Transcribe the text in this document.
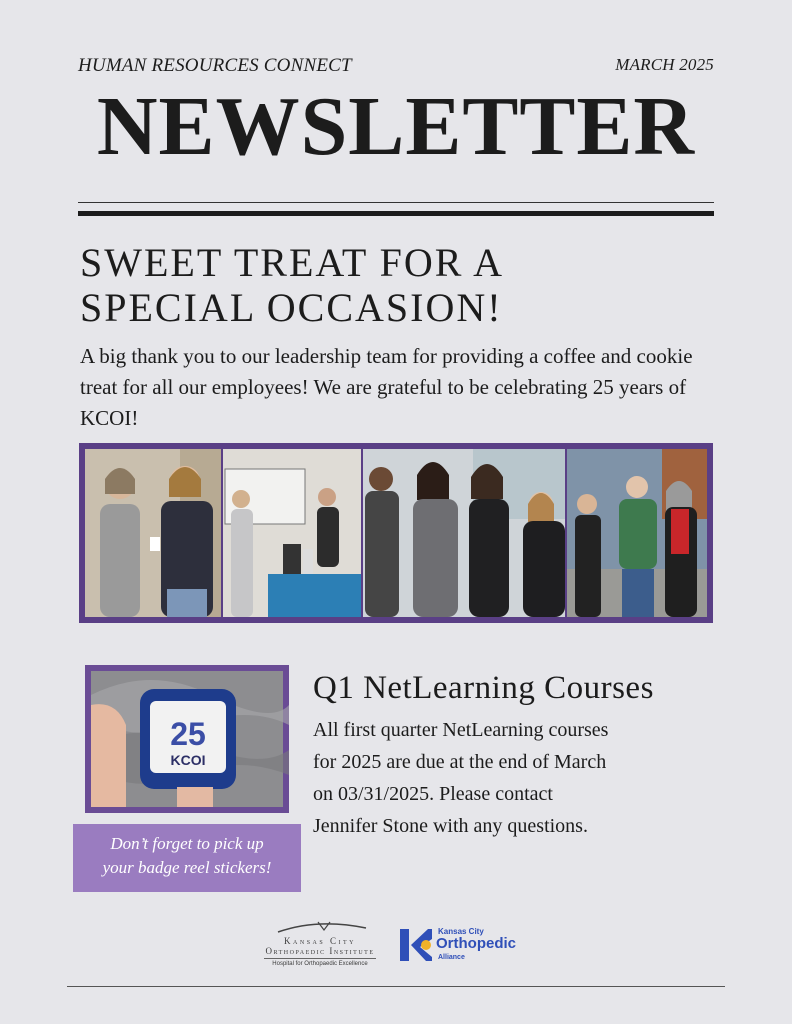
HUMAN RESOURCES CONNECT	MARCH 2025
NEWSLETTER
SWEET TREAT FOR A
SPECIAL OCCASION!
A big thank you to our leadership team for providing a coffee and cookie treat for all our employees! We are grateful to be celebrating 25 years of KCOI!
25
KCOI
Don’t forget to pick up
your badge reel stickers!
Q1 NetLearning Courses
All first quarter NetLearning courses
for 2025 are due at the end of March
on 03/31/2025. Please contact
Jennifer Stone with any questions.
Kansas City
Orthopaedic Institute
Hospital for Orthopaedic Excellence
Kansas City
Orthopedic
Alliance
